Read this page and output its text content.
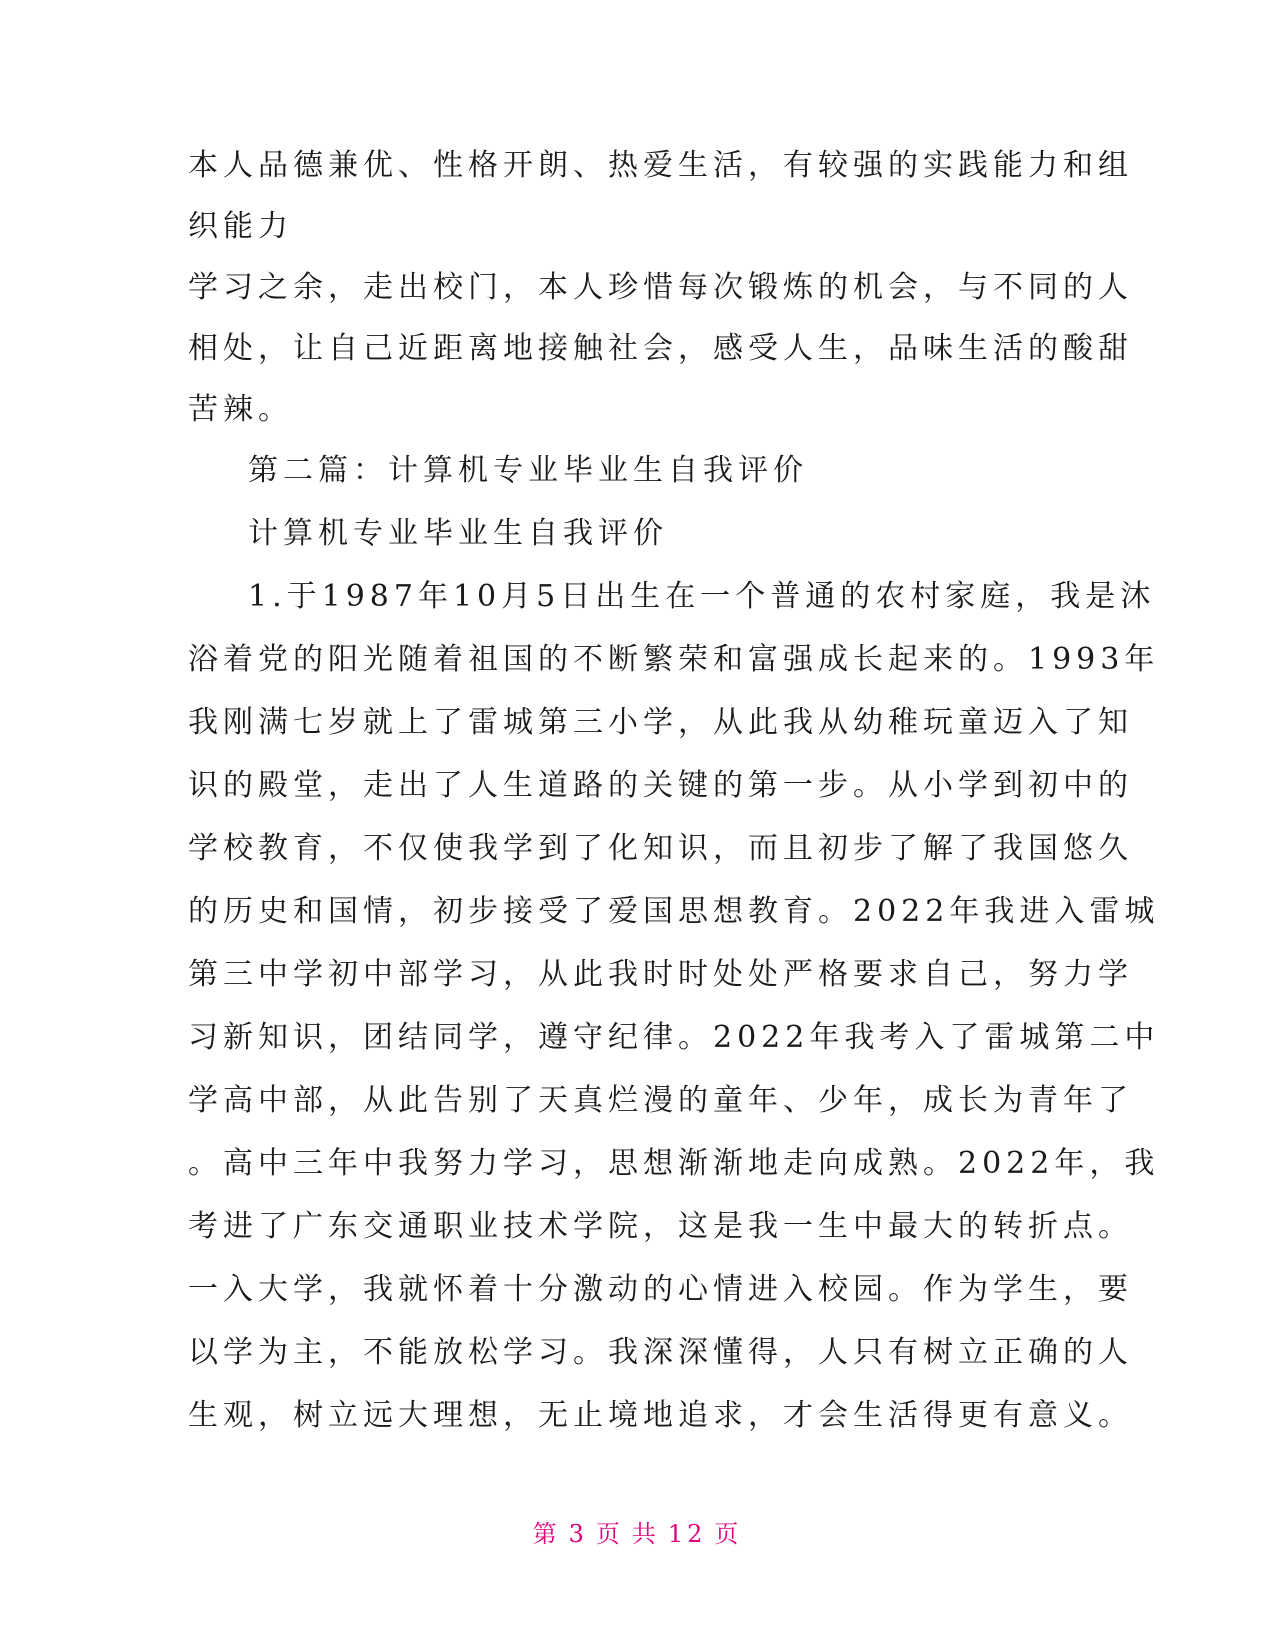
本人品德兼优、性格开朗、热爱生活，有较强的实践能力和组
织能力
学习之余，走出校门，本人珍惜每次锻炼的机会，与不同的人
相处，让自己近距离地接触社会，感受人生，品味生活的酸甜
苦辣。
第二篇：计算机专业毕业生自我评价
计算机专业毕业生自我评价
1.于1987年10月5日出生在一个普通的农村家庭，我是沐
浴着党的阳光随着祖国的不断繁荣和富强成长起来的。1993年
我刚满七岁就上了雷城第三小学，从此我从幼稚玩童迈入了知
识的殿堂，走出了人生道路的关键的第一步。从小学到初中的
学校教育，不仅使我学到了化知识，而且初步了解了我国悠久
的历史和国情，初步接受了爱国思想教育。2022年我进入雷城
第三中学初中部学习，从此我时时处处严格要求自己，努力学
习新知识，团结同学，遵守纪律。2022年我考入了雷城第二中
学高中部，从此告别了天真烂漫的童年、少年，成长为青年了
。高中三年中我努力学习，思想渐渐地走向成熟。2022年，我
考进了广东交通职业技术学院，这是我一生中最大的转折点。
一入大学，我就怀着十分激动的心情进入校园。作为学生，要
以学为主，不能放松学习。我深深懂得，人只有树立正确的人
生观，树立远大理想，无止境地追求，才会生活得更有意义。
第 3 页 共 12 页
